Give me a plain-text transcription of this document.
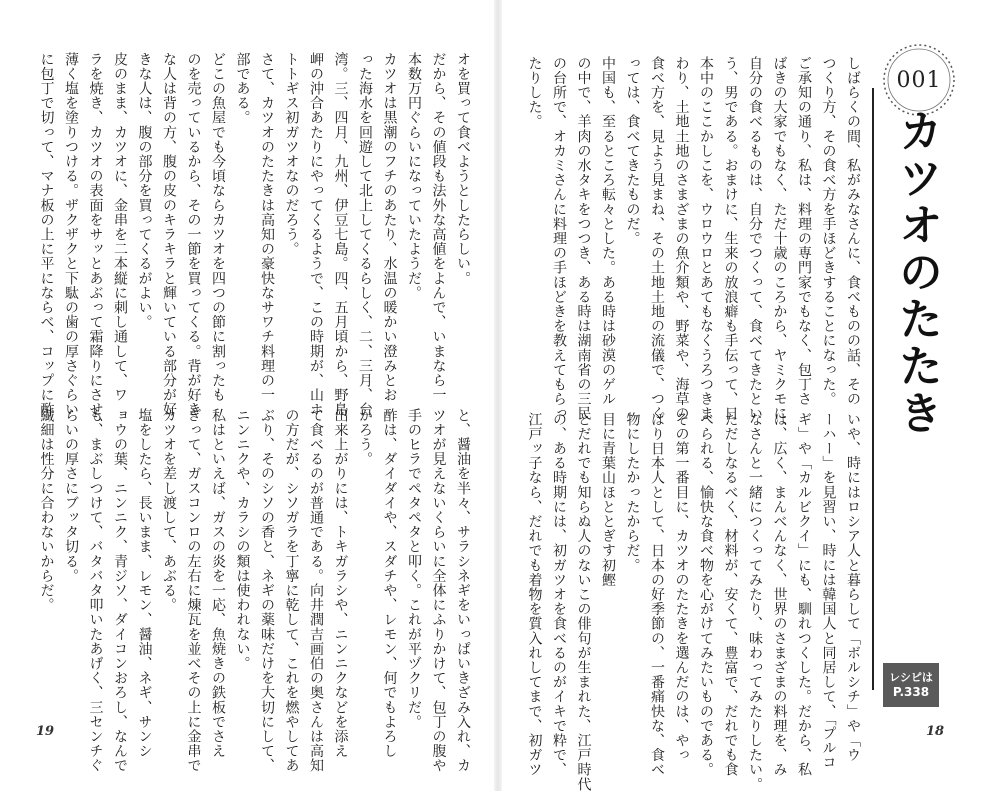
オを買って食べようとしたらしい。

だから、その値段も法外な高値をよんで、いまなら一

本数万円ぐらいになっていたようだ。

カツオは黒潮のフチのあたり、水温の暖かい澄みとお

った海水を回遊して北上してくるらしく、二、三月、台

湾。三、四月、九州、伊豆七島。四、五月頃から、野島

岬の沖合あたりにやってくるようで、この時期が、山ホ

トトギス初ガツオなのだろう。

さて、カツオのたたきは高知の豪快なサワチ料理の一

部である。

どこの魚屋でも今頃ならカツオを四つの節に割ったも

のを売っているから、その一節を買ってくる。背が好き

な人は背の方、腹の皮のキラキラと輝いている部分が好

きな人は、腹の部分を買ってくるがよい。

皮のまま、カツオに、金串を二本縦に刺し通して、ワ

ラを焼き、カツオの表面をサッとあぶって霜降りにさせ、

薄く塩を塗りつける。ザクザクと下駄の歯の厚さぐらい

に包丁で切って、マナ板の上に平にならべ、コップに酢

と、醤油を半々、サラシネギをいっぱいきざみ入れ、カ

ツオが見えないくらいに全体にふりかけて、包丁の腹や

手のヒラでペタペタと叩く。これが平ヅクリだ。

酢は、ダイダイや、スダチや、レモン、何でもよろし

かろう。

出来上がりには、トキガラシや、ニンニクなどを添え

て食べるのが普通である。向井潤吉画伯の奥さんは高知

の方だが、シソガラを丁寧に乾して、これを燃やしてあ

ぶり、そのシソの香と、ネギの薬味だけを大切にして、

ニンニクや、カラシの類は使われない。

私はといえば、ガスの炎を一応、魚焼きの鉄板でさえ

ぎって、ガスコンロの左右に煉瓦を並べその上に金串で

カツオを差し渡して、あぶる。

塩をしたら、長いまま、レモン、醤油、ネギ、サンシ

ョウの葉、ニンニク、青ジソ、ダイコンおろし、なんで

も、まぶしつけて、バタバタ叩いたあげく、三センチぐ

らいの厚さにブッタ切る。

繊細は性分に合わないからだ。

19

しばらくの間、私がみなさんに、食べものの話、その

つくり方、その食べ方を手ほどきすることになった。

ご承知の通り、私は、料理の専門家でもなく、包丁さ

ばきの大家でもなく、ただ十歳のころから、ヤミクモに、

自分の食べるものは、自分でつくって、食べてきたとい

う、男である。おまけに、生来の放浪癖も手伝って、日

本中のここかしこを、ウロウロとあてもなくうろつきま

わり、土地土地のさまざまの魚介類や、野菜や、海草の

食べ方を、見よう見まね、その土地土地の流儀で、つく

っては、食べてきたものだ。

中国も、至るところ転々とした。ある時は砂漠のゲル

の中で、羊肉の水タキをつつき、ある時は湖南省の三民

の台所で、オカミさんに料理の手ほどきを教えてもらっ

たりした。

いや、時にはロシア人と暮らして「ボルシチ」や「ウ

ーハー」を見習い、時には韓国人と同居して、「プルコ

ギ」や「カルビクイ」にも、馴れつくした。だから、私

は、広く、まんべんなく、世界のさまざまの料理を、み

なさんと一緒につくってみたり、味わってみたりしたい。

ただしなるべく、材料が、安くて、豊富で、だれでも食

べられる、愉快な食べ物を心がけてみたいものである。

その第一番目に、カツオのたたきを選んだのは、やっ

ぱり日本人として、日本の好季節の、一番痛快な、食べ

物にしたかったからだ。

目に青葉山ほととぎす初鰹

とだれでも知らぬ人のないこの俳句が生まれた、江戸時代

の、ある時期には、初ガツオを食べるのがイキで粋で、

江戸ッ子なら、だれでも着物を質入れしてまで、初ガツ

001
カツオのたたき
レシピは
P.338
18
